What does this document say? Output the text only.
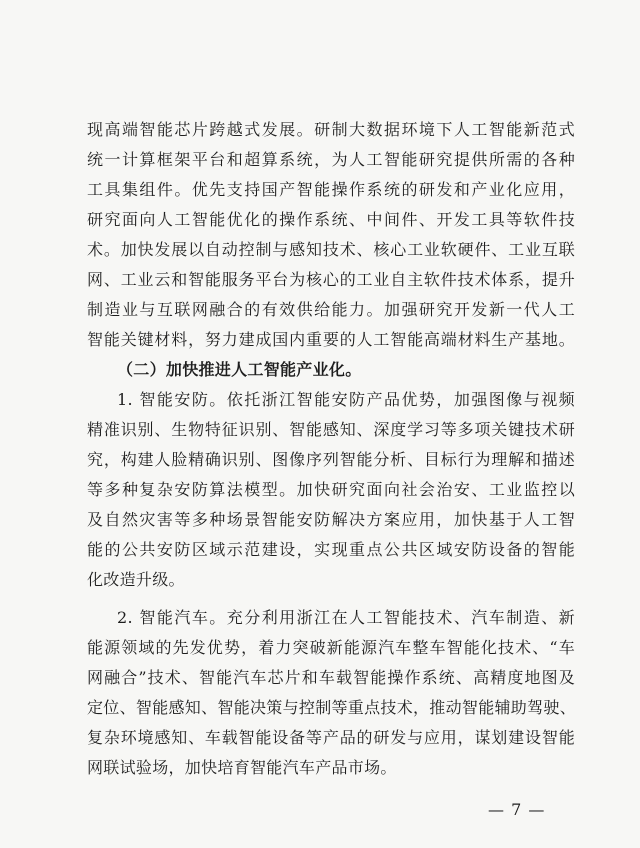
现高端智能芯片跨越式发展。研制大数据环境下人工智能新范式
统一计算框架平台和超算系统，为人工智能研究提供所需的各种
工具集组件。优先支持国产智能操作系统的研发和产业化应用，
研究面向人工智能优化的操作系统、中间件、开发工具等软件技
术。加快发展以自动控制与感知技术、核心工业软硬件、工业互联
网、工业云和智能服务平台为核心的工业自主软件技术体系，提升
制造业与互联网融合的有效供给能力。加强研究开发新一代人工
智能关键材料，努力建成国内重要的人工智能高端材料生产基地。
（二）加快推进人工智能产业化。
1. 智能安防。依托浙江智能安防产品优势，加强图像与视频
精准识别、生物特征识别、智能感知、深度学习等多项关键技术研
究，构建人脸精确识别、图像序列智能分析、目标行为理解和描述
等多种复杂安防算法模型。加快研究面向社会治安、工业监控以
及自然灾害等多种场景智能安防解决方案应用，加快基于人工智
能的公共安防区域示范建设，实现重点公共区域安防设备的智能
化改造升级。
2. 智能汽车。充分利用浙江在人工智能技术、汽车制造、新
能源领域的先发优势，着力突破新能源汽车整车智能化技术、“车
网融合”技术、智能汽车芯片和车载智能操作系统、高精度地图及
定位、智能感知、智能决策与控制等重点技术，推动智能辅助驾驶、
复杂环境感知、车载智能设备等产品的研发与应用，谋划建设智能
网联试验场，加快培育智能汽车产品市场。
— 7 —
